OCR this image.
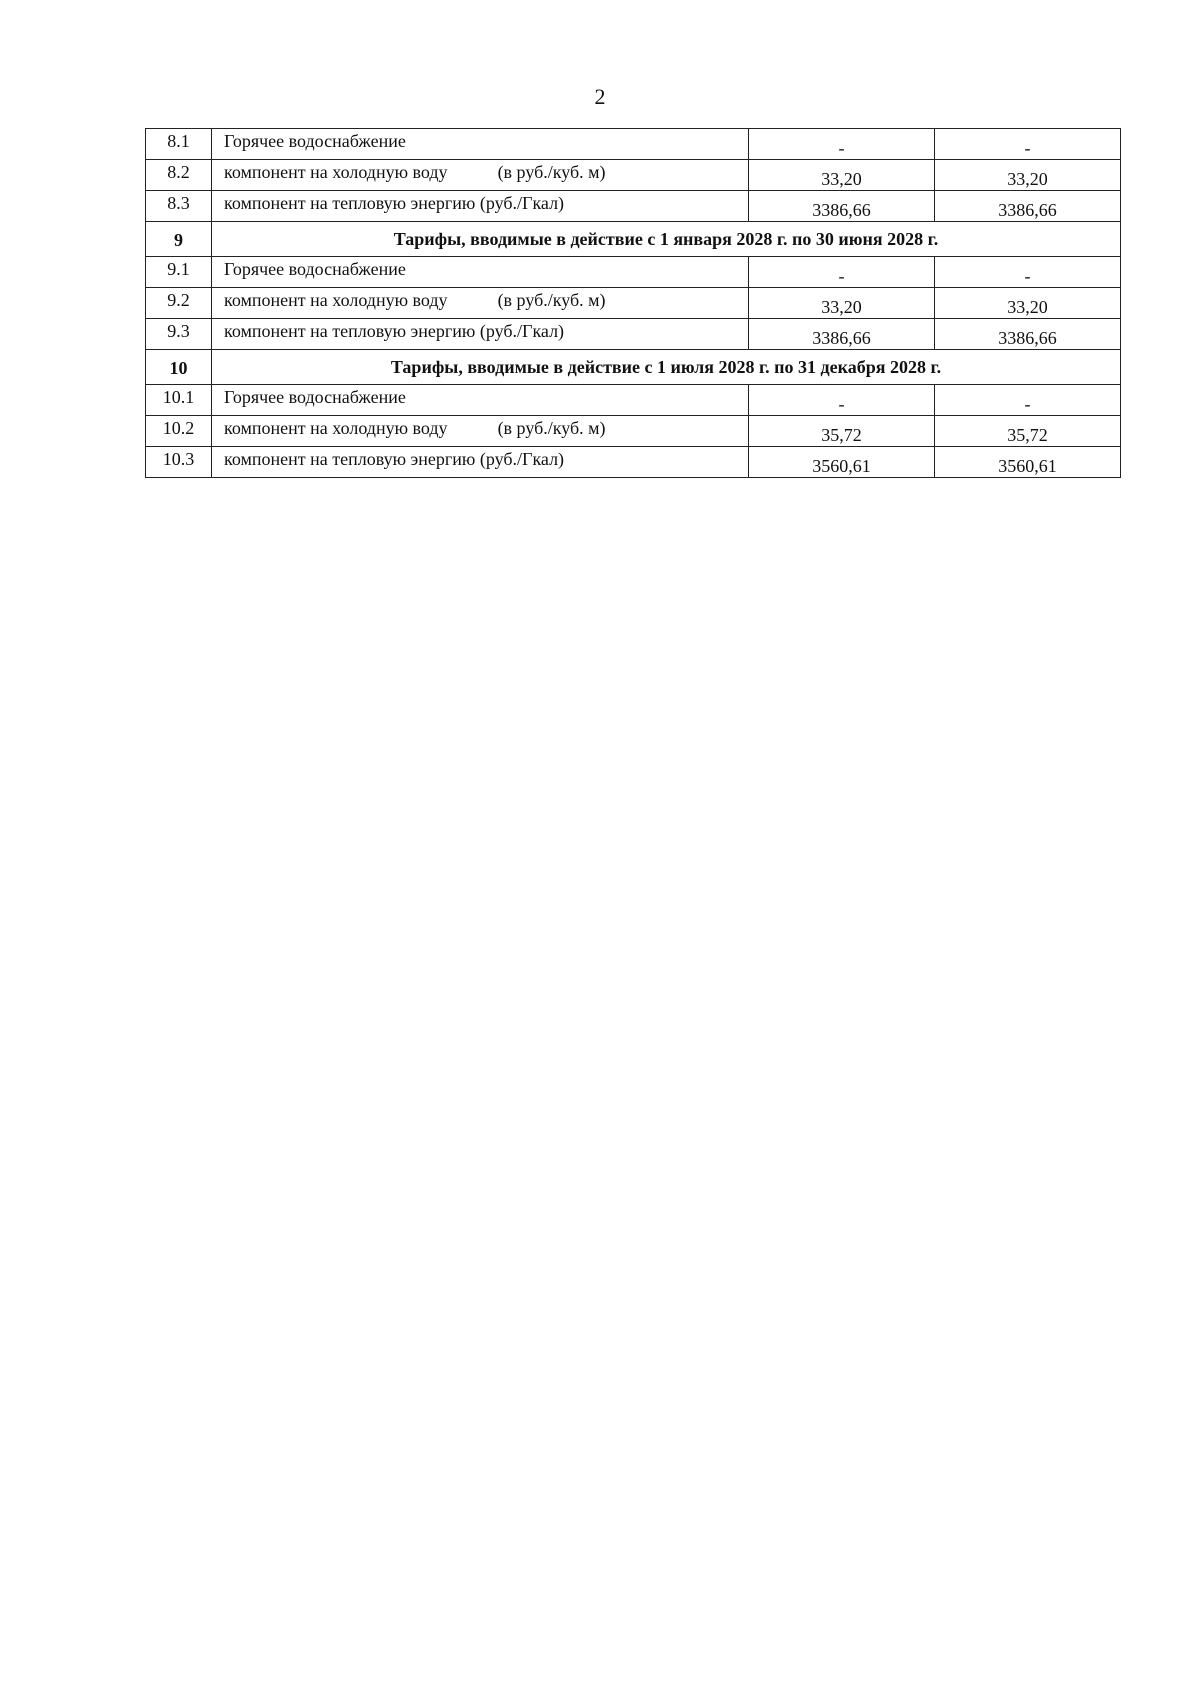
2
8.1	Горячее водоснабжение	-	-
8.2	компонент на холодную воду (в руб./куб. м)	33,20	33,20
8.3	компонент на тепловую энергию (руб./Гкал)	3386,66	3386,66
9	Тарифы, вводимые в действие с 1 января 2028 г. по 30 июня 2028 г.		
9.1	Горячее водоснабжение	-	-
9.2	компонент на холодную воду (в руб./куб. м)	33,20	33,20
9.3	компонент на тепловую энергию (руб./Гкал)	3386,66	3386,66
10	Тарифы, вводимые в действие с 1 июля 2028 г. по 31 декабря 2028 г.		
10.1	Горячее водоснабжение	-	-
10.2	компонент на холодную воду (в руб./куб. м)	35,72	35,72
10.3	компонент на тепловую энергию (руб./Гкал)	3560,61	3560,61
